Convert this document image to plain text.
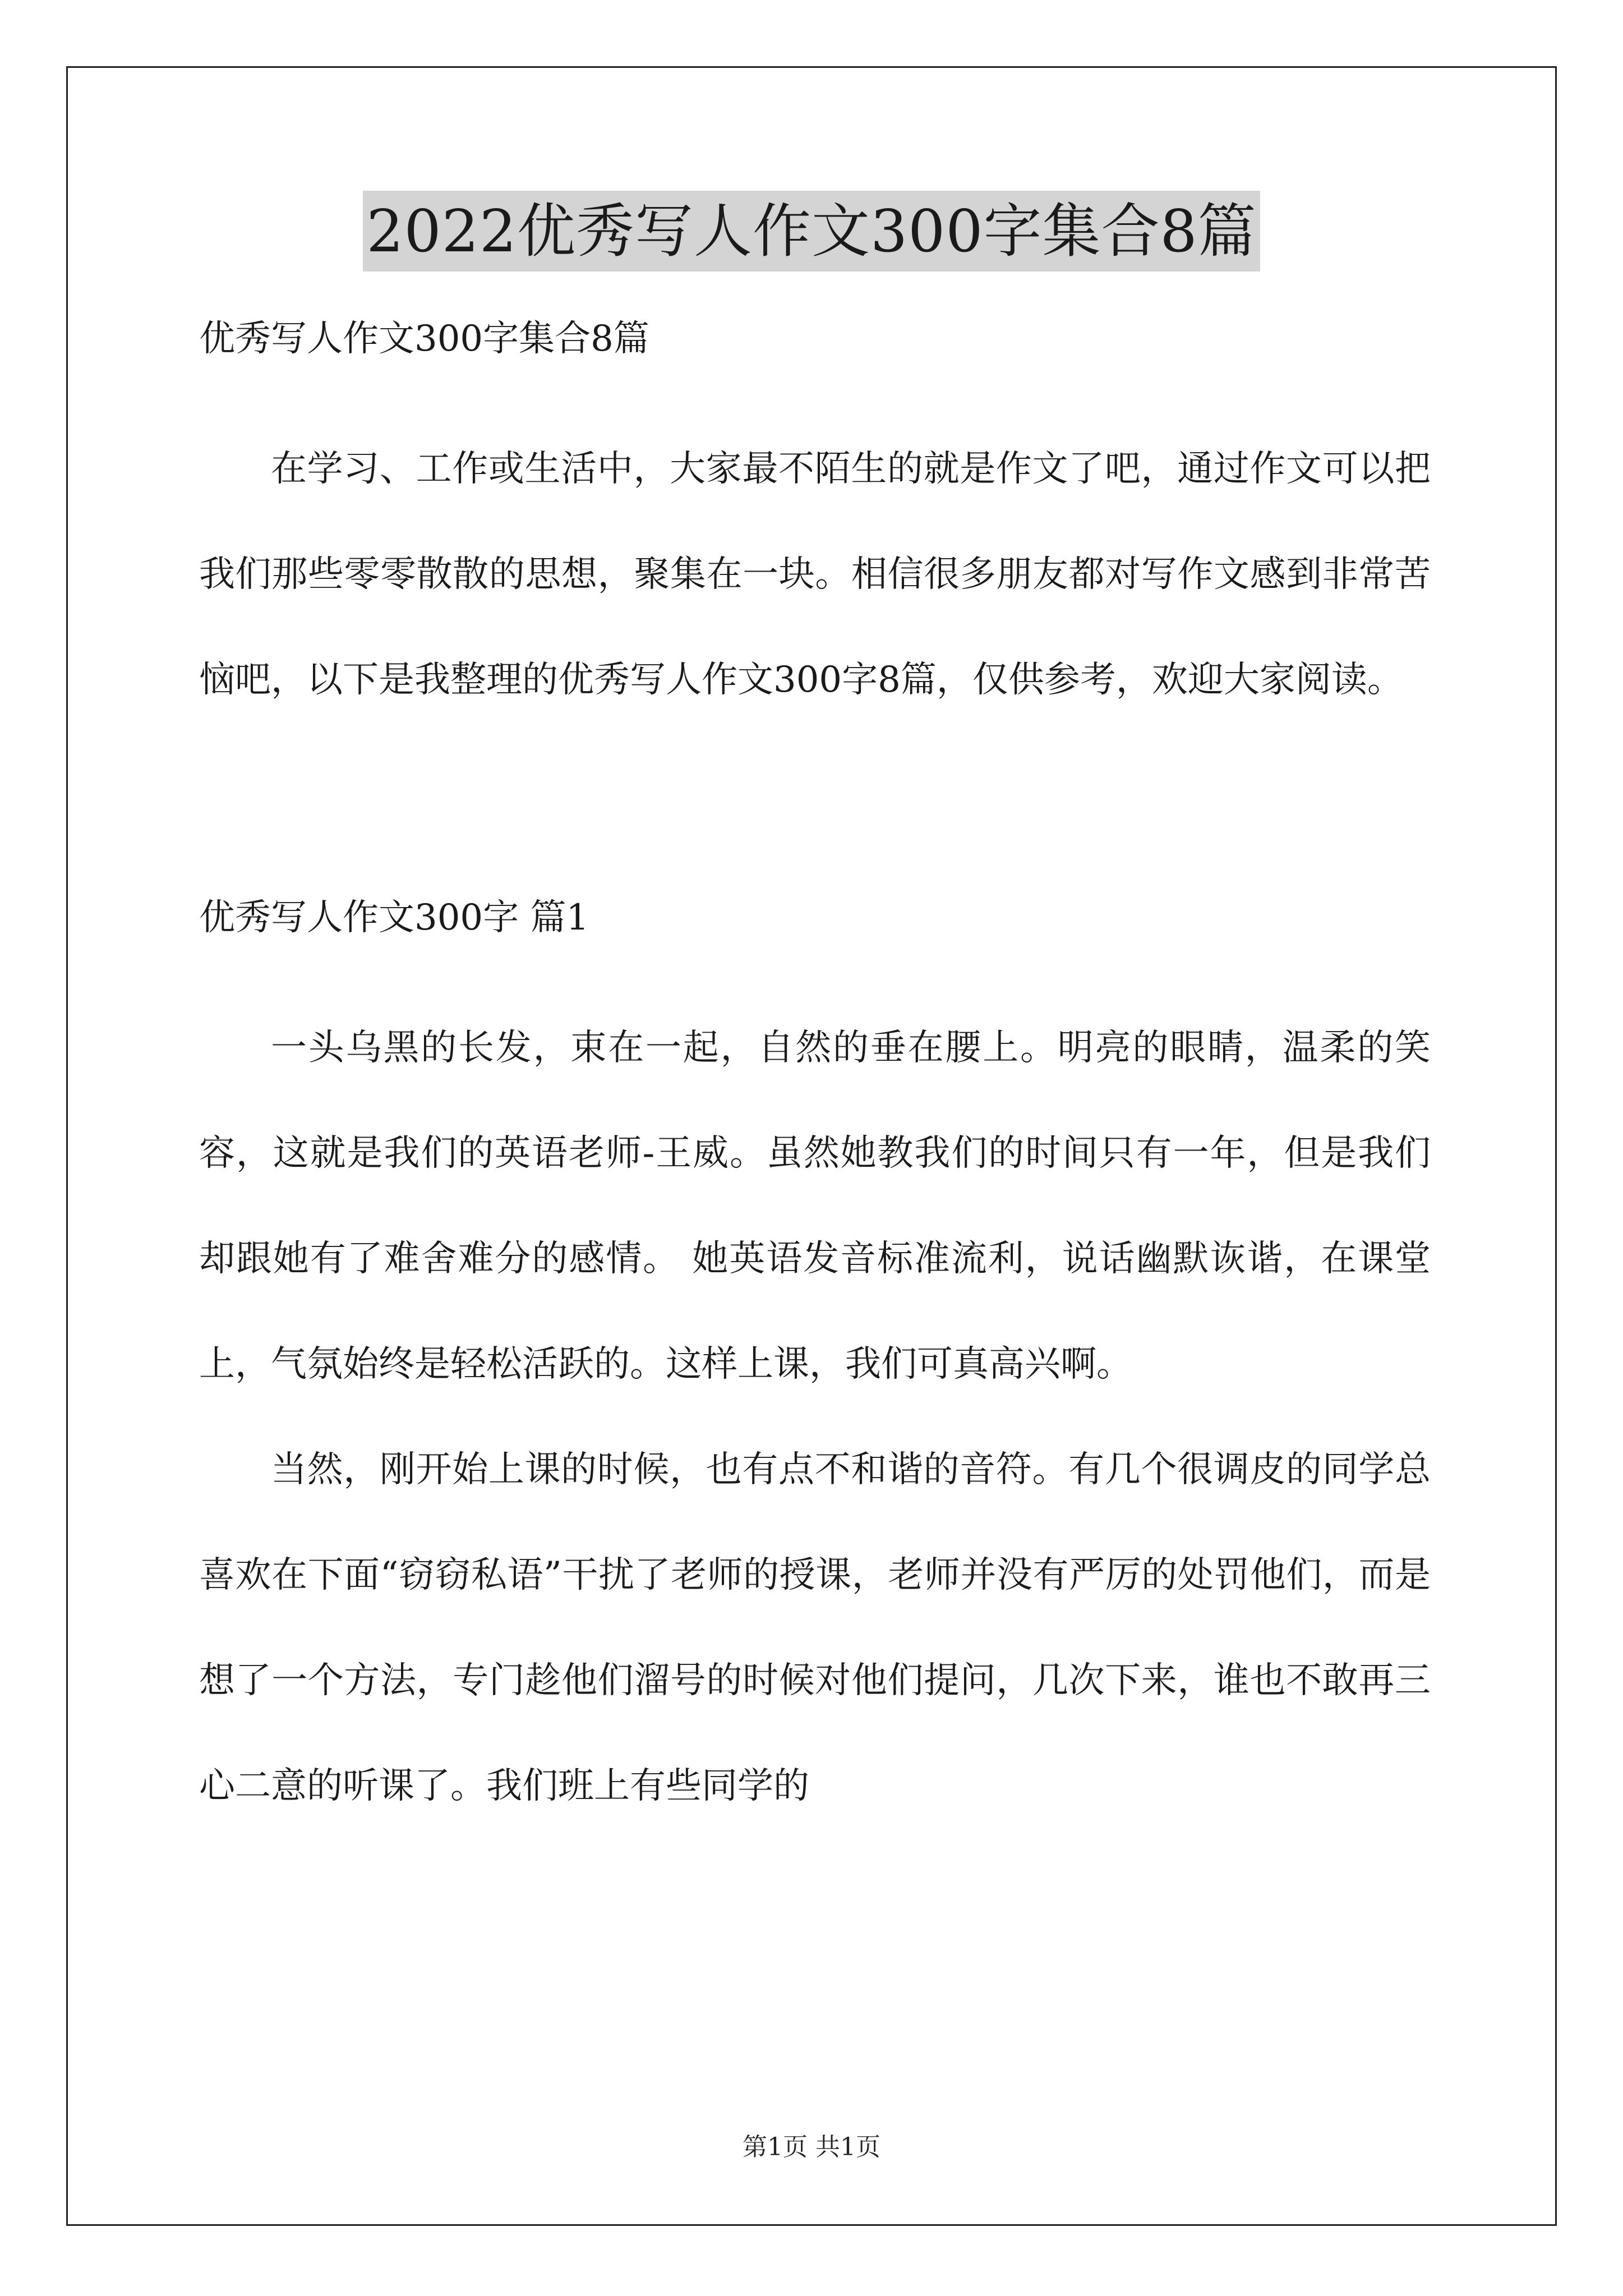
2022优秀写人作文300字集合8篇

优秀写人作文300字集合8篇

在学习、工作或生活中，大家最不陌生的就是作文了吧，通过作文可以把我们那些零零散散的思想，聚集在一块。相信很多朋友都对写作文感到非常苦恼吧，以下是我整理的优秀写人作文300字8篇，仅供参考，欢迎大家阅读。

优秀写人作文300字 篇1

一头乌黑的长发，束在一起，自然的垂在腰上。明亮的眼睛，温柔的笑容，这就是我们的英语老师-王威。虽然她教我们的时间只有一年，但是我们却跟她有了难舍难分的感情。 她英语发音标准流利，说话幽默诙谐，在课堂上，气氛始终是轻松活跃的。这样上课，我们可真高兴啊。

当然，刚开始上课的时候，也有点不和谐的音符。有几个很调皮的同学总喜欢在下面“窃窃私语”干扰了老师的授课，老师并没有严厉的处罚他们，而是想了一个方法，专门趁他们溜号的时候对他们提问，几次下来，谁也不敢再三心二意的听课了。我们班上有些同学的

第1页 共1页
